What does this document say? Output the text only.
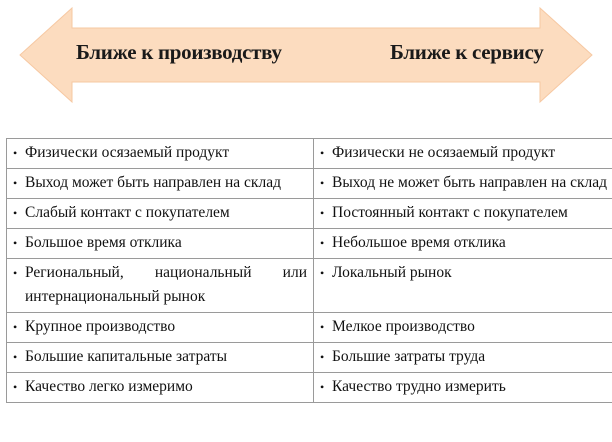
Ближе к производству	Ближе к сервису
• Физически осязаемый продукт	• Физически не осязаемый продукт
• Выход может быть направлен на склад	• Выход не может быть направлен на склад
• Слабый контакт с покупателем	• Постоянный контакт с покупателем
• Большое время отклика	• Небольшое время отклика
• Региональный, национальный или интернациональный рынок	• Локальный рынок
• Крупное производство	• Мелкое производство
• Большие капитальные затраты	• Большие затраты труда
• Качество легко измеримо	• Качество трудно измерить
